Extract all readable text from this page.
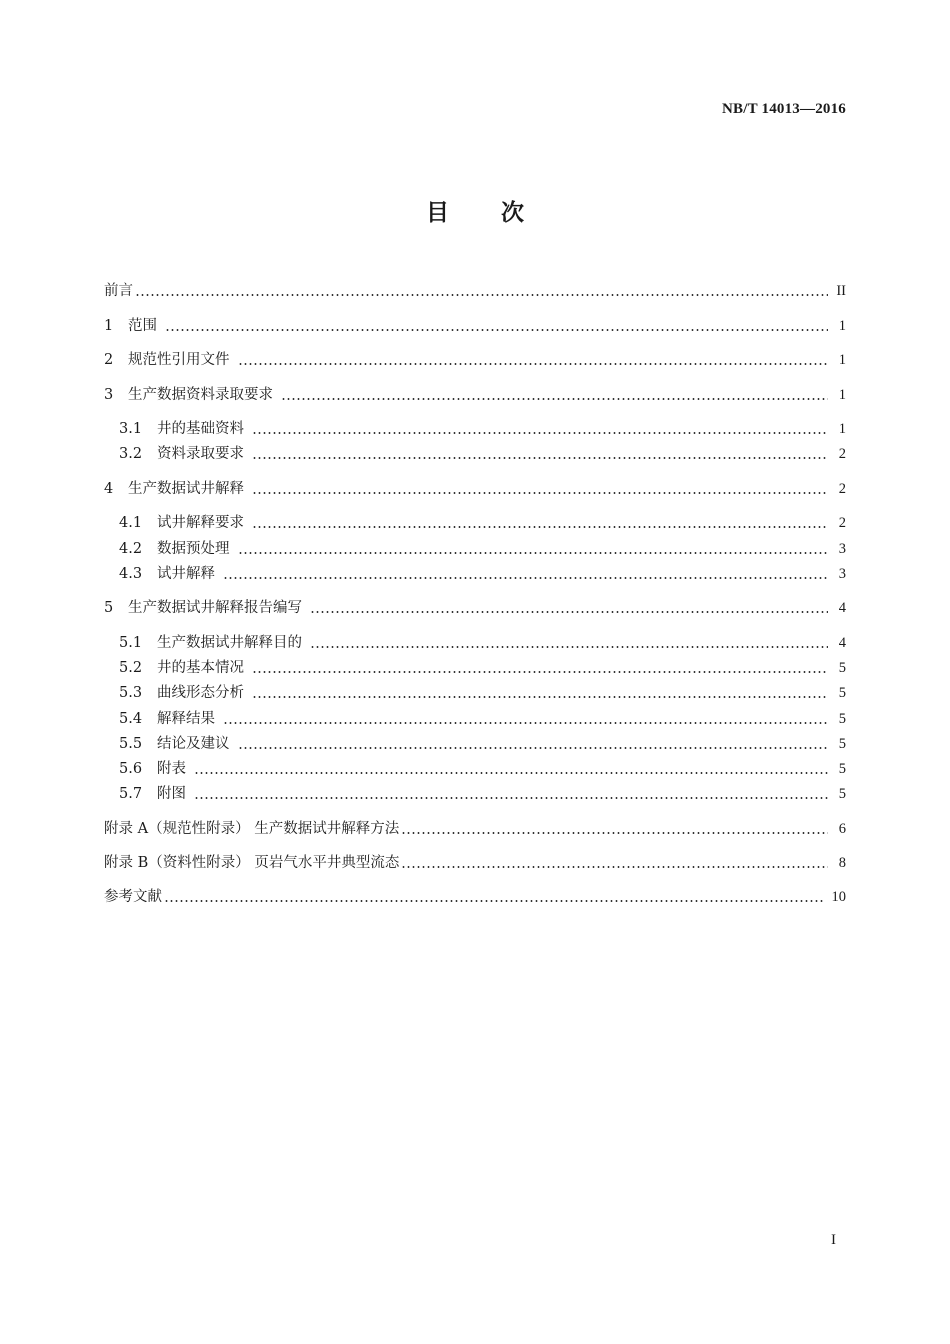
NB/T 14013—2016
目 次
前言	II
1	范围	1
2	规范性引用文件	1
3	生产数据资料录取要求	1
3.1	井的基础资料	1
3.2	资料录取要求	2
4	生产数据试井解释	2
4.1	试井解释要求	2
4.2	数据预处理	3
4.3	试井解释	3
5	生产数据试井解释报告编写	4
5.1	生产数据试井解释目的	4
5.2	井的基本情况	5
5.3	曲线形态分析	5
5.4	解释结果	5
5.5	结论及建议	5
5.6	附表	5
5.7	附图	5
附录 A（规范性附录） 生产数据试井解释方法	6
附录 B（资料性附录） 页岩气水平井典型流态	8
参考文献	10
I
